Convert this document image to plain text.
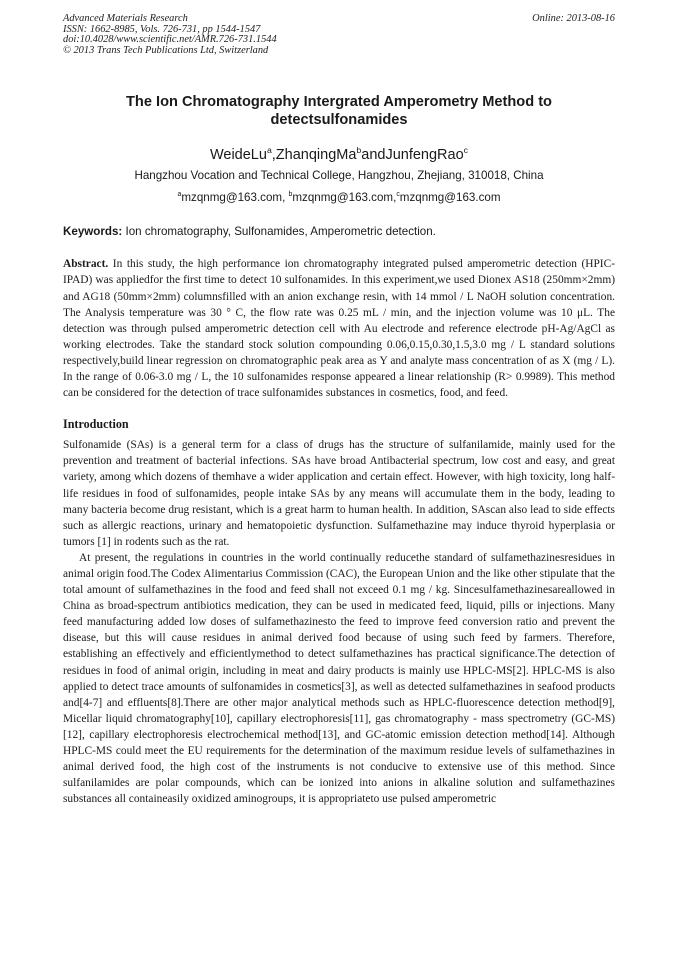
Advanced Materials Research
ISSN: 1662-8985, Vols. 726-731, pp 1544-1547
doi:10.4028/www.scientific.net/AMR.726-731.1544
© 2013 Trans Tech Publications Ltd, Switzerland
Online: 2013-08-16
The Ion Chromatography Intergrated Amperometry Method to detectsulfonamides
WeideLu$^a$,ZhanqingMa$^b$andJunfengRao$^c$
Hangzhou Vocation and Technical College, Hangzhou, Zhejiang, 310018, China
$^a$mzqnmg@163.com, $^b$mzqnmg@163.com,$^c$mzqnmg@163.com
Keywords: Ion chromatography, Sulfonamides, Amperometric detection.

Abstract. In this study, the high performance ion chromatography integrated pulsed amperometric detection (HPIC-IPAD) was appliedfor the first time to detect 10 sulfonamides. In this experiment,we used Dionex AS18 (250mm×2mm) and AG18 (50mm×2mm) columnsfilled with an anion exchange resin, with 14 mmol / L NaOH solution concentration. The Analysis temperature was 30 ° C, the flow rate was 0.25 mL / min, and the injection volume was 10 μL. The detection was through pulsed amperometric detection cell with Au electrode and reference electrode pH-Ag/AgCl as working electrodes. Take the standard stock solution compounding 0.06,0.15,0.30,1.5,3.0 mg / L standard solutions respectively,build linear regression on chromatographic peak area as Y and analyte mass concentration of as X (mg / L). In the range of 0.06-3.0 mg / L, the 10 sulfonamides response appeared a linear relationship (R> 0.9989). This method can be considered for the detection of trace sulfonamides substances in cosmetics, food, and feed.

Introduction

Sulfonamide (SAs) is a general term for a class of drugs has the structure of sulfanilamide, mainly used for the prevention and treatment of bacterial infections. SAs have broad Antibacterial spectrum, low cost and easy, and great variety, among which dozens of themhave a wider application and certain effect. However, with high toxicity, long half-life residues in food of sulfonamides, people intake SAs by any means will accumulate them in the body, leading to many bacteria become drug resistant, which is a great harm to human health. In addition, SAscan also lead to side effects such as allergic reactions, urinary and hematopoietic dysfunction. Sulfamethazine may induce thyroid hyperplasia or tumors [1] in rodents such as the rat.

At present, the regulations in countries in the world continually reducethe standard of sulfamethazinesresidues in animal origin food.The Codex Alimentarius Commission (CAC), the European Union and the like other stipulate that the total amount of sulfamethazines in the food and feed shall not exceed 0.1 mg / kg. Sincesulfamethazinesareallowed in China as broad-spectrum antibiotics medication, they can be used in medicated feed, liquid, pills or injections. Many feed manufacturing added low doses of sulfamethazinesto the feed to improve feed conversion ratio and prevent the disease, but this will cause residues in animal derived food because of using such feed by farmers. Therefore, establishing an effectively and efficientlymethod to detect sulfamethazines has practical significance.The detection of residues in food of animal origin, including in meat and dairy products is mainly use HPLC-MS[2]. HPLC-MS is also applied to detect trace amounts of sulfonamides in cosmetics[3], as well as detected sulfamethazines in seafood products and[4-7] and effluents[8].There are other major analytical methods such as HPLC-fluorescence detection method[9], Micellar liquid chromatography[10], capillary electrophoresis[11], gas chromatography - mass spectrometry (GC-MS)[12], capillary electrophoresis electrochemical method[13], and GC-atomic emission detection method[14]. Although HPLC-MS could meet the EU requirements for the determination of the maximum residue levels of sulfamethazines in animal derived food, the high cost of the instruments is not conducive to extensive use of this method. Since sulfanilamides are polar compounds, which can be ionized into anions in alkaline solution and sulfamethazines substances all containeasily oxidized aminogroups, it is appropriateto use pulsed amperometric
